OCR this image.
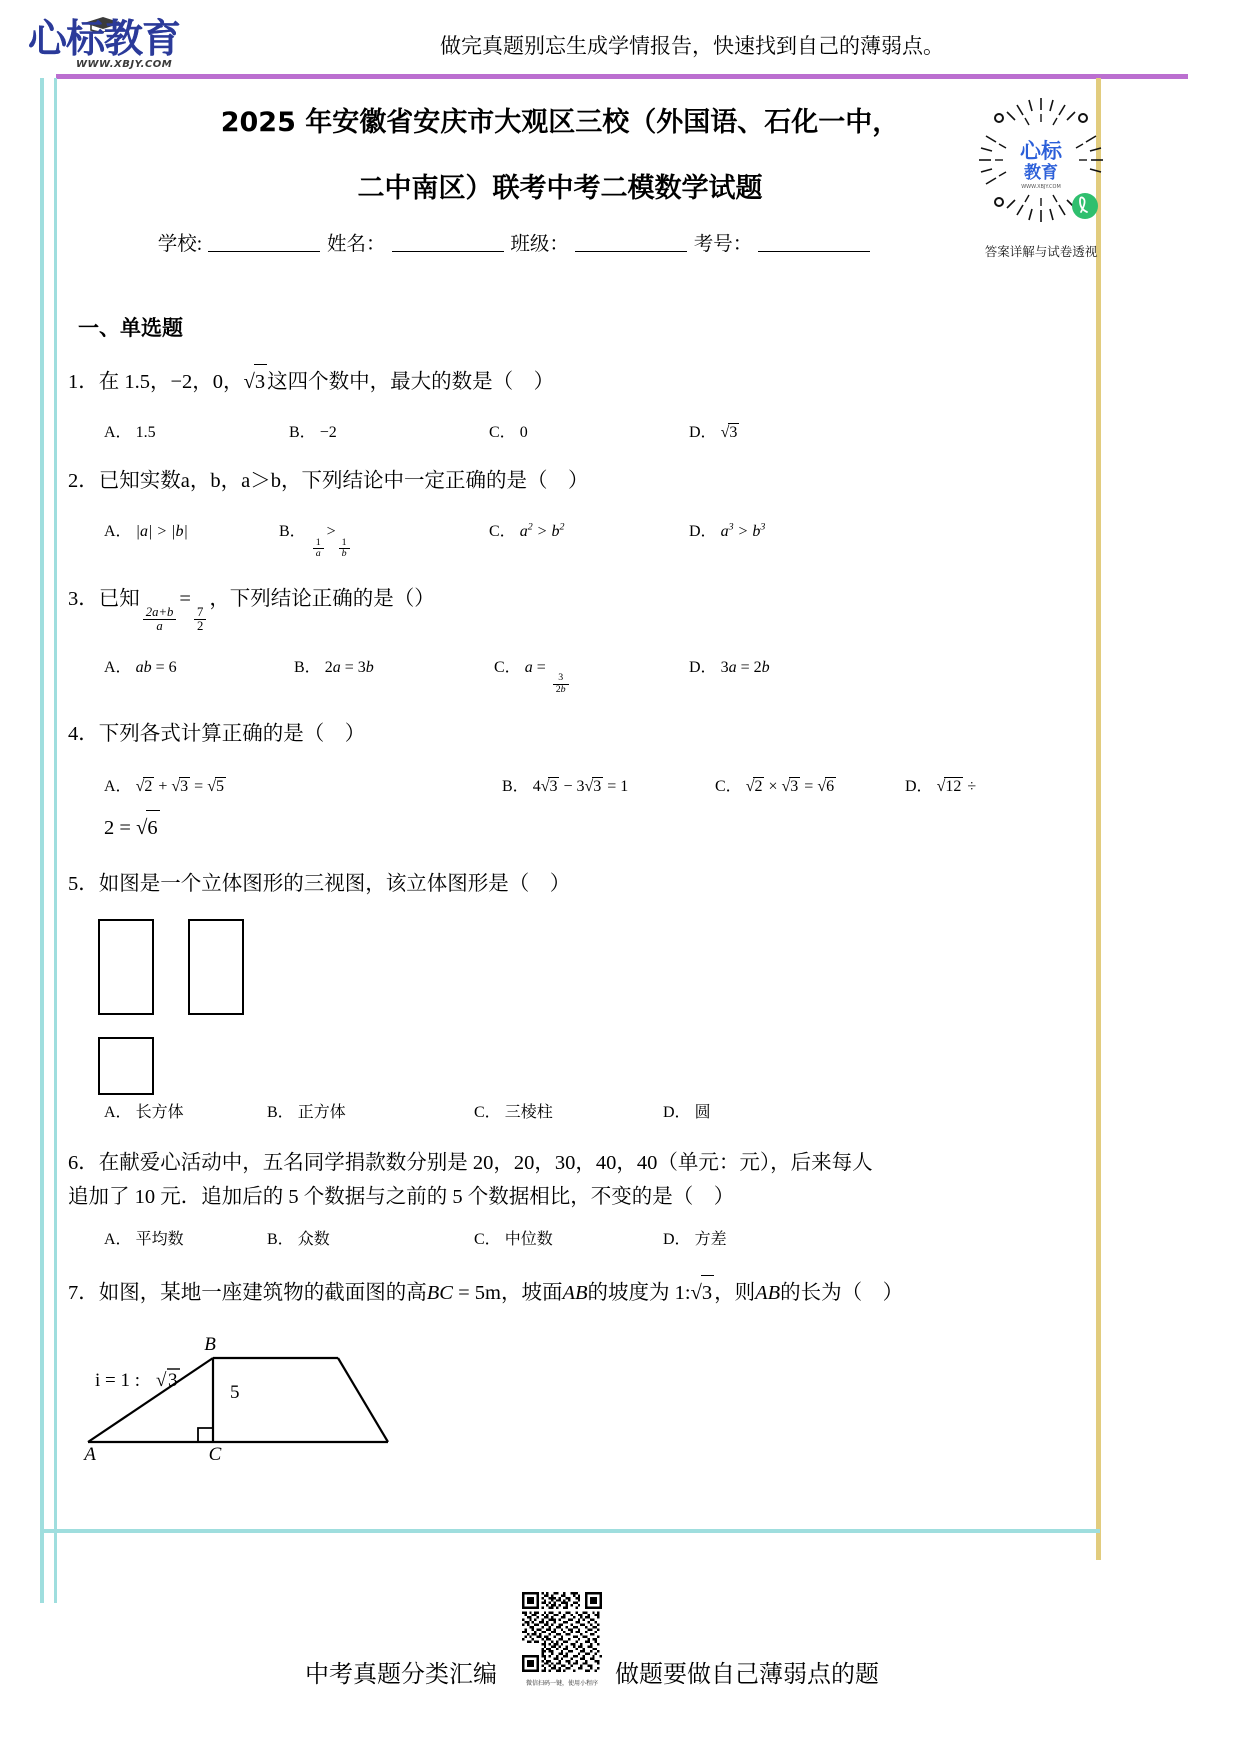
心标教育
WWW.XBJY.COM
做完真题别忘生成学情报告，快速找到自己的薄弱点。
心标
教育
WWW.XBJY.COM
答案详解与试卷透视
2025 年安徽省安庆市大观区三校（外国语、石化一中，
二中南区）联考中考二模数学试题
学校:	姓名：	班级：	考号：
一、单选题
1．在 1.5，−2，0，√3这四个数中，最大的数是（　）
A． 1.5	B． −2	C． 0	D． √3
2．已知实数a，b，a＞b，下列结论中一定正确的是（　）
A． |a| > |b|	B．
$\frac{1}{a}$
>
$\frac{1}{b}$
C． $a^2 > b^2$	D． $a^3 > b^3$
3．已知
$\frac{2a+b}{a}$
=
$\frac{7}{2}$
，下列结论正确的是（）
A． ab = 6	B． 2a = 3b	C． a =
$\frac{3}{2b}$
D． 3a = 2b
4．下列各式计算正确的是（　）
A． √2 + √3 = √5	B． 4√3 − 3√3 = 1	C． √2 × √3 = √6	D． √12 ÷
2 = √6
5．如图是一个立体图形的三视图，该立体图形是（　）
A． 长方体	B． 正方体	C． 三棱柱	D． 圆
6．在献爱心活动中，五名同学捐款数分别是 20，20，30，40，40（单元：元），后来每人
追加了 10 元．追加后的 5 个数据与之前的 5 个数据相比，不变的是（　）
A． 平均数	B． 众数	C． 中位数	D． 方差
7．如图，某地一座建筑物的截面图的高BC = 5m，坡面AB的坡度为 1:√3，则AB的长为（　）
B
A	C
5
i = 1 : √ 3
中考真题分类汇编	微信扫码一键，使用小程序 做题要做自己薄弱点的题
